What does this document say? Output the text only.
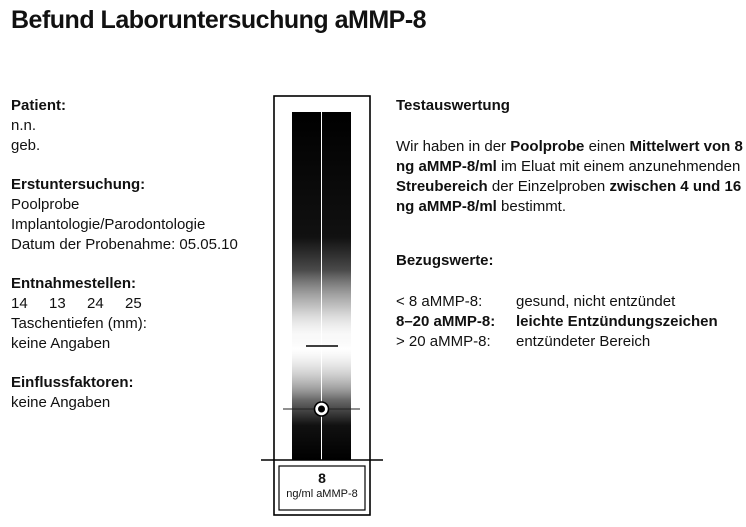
Befund Laboruntersuchung aMMP-8
Patient:
n.n.
geb.
Erstuntersuchung:
Poolprobe
Implantologie/Parodontologie
Datum der Probenahme: 05.05.10
Entnahmestellen:
14 13 24 25
Taschentiefen (mm):
keine Angaben
Einflussfaktoren:
keine Angaben
8
ng/ml aMMP-8
Testauswertung
Wir haben in der Poolprobe einen Mittelwert von 8 ng aMMP-8/ml im Eluat mit einem anzunehmenden Streubereich der Einzelproben zwischen 4 und 16 ng aMMP-8/ml bestimmt.
Bezugswerte:
< 8 aMMP-8: gesund, nicht entzündet
8–20 aMMP-8: leichte Entzündungszeichen
> 20 aMMP-8: entzündeter Bereich
